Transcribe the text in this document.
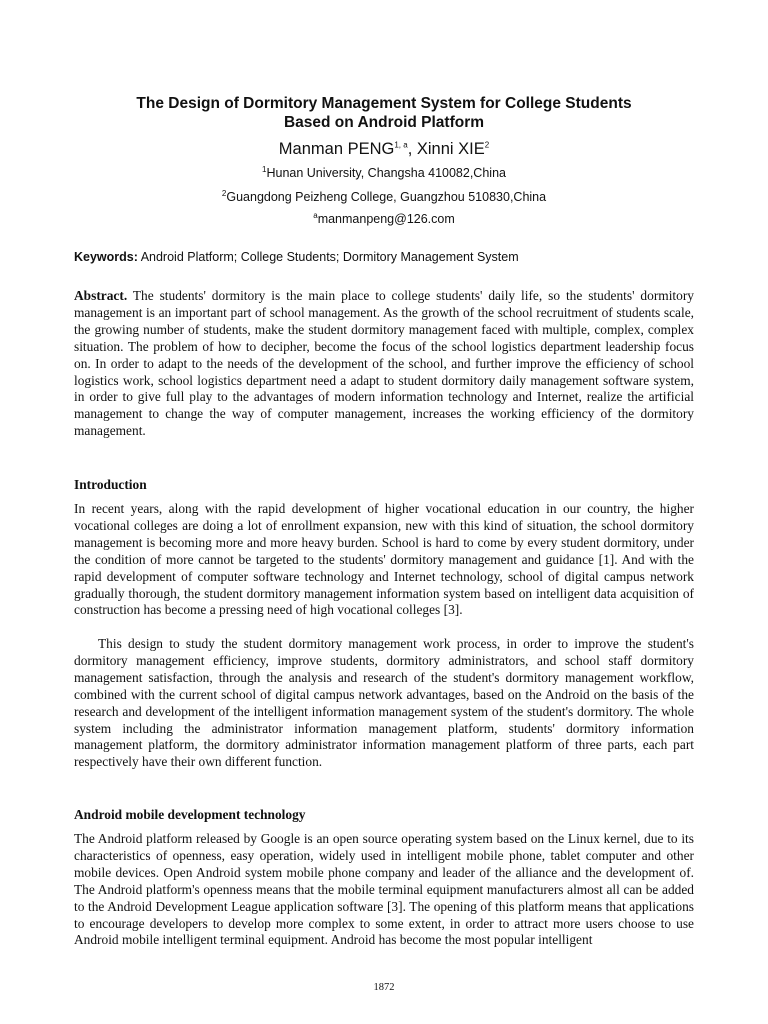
The Design of Dormitory Management System for College Students
Based on Android Platform
Manman PENG$^{1, a}$, Xinni XIE$^2$
$^1$Hunan University, Changsha 410082,China
$^2$Guangdong Peizheng College, Guangzhou 510830,China
$^a$manmanpeng@126.com
Keywords: Android Platform; College Students; Dormitory Management System

Abstract. The students' dormitory is the main place to college students' daily life, so the students' dormitory management is an important part of school management. As the growth of the school recruitment of students scale, the growing number of students, make the student dormitory management faced with multiple, complex, complex situation. The problem of how to decipher, become the focus of the school logistics department leadership focus on. In order to adapt to the needs of the development of the school, and further improve the efficiency of school logistics work, school logistics department need a adapt to student dormitory daily management software system, in order to give full play to the advantages of modern information technology and Internet, realize the artificial management to change the way of computer management, increases the working efficiency of the dormitory management.

Introduction

In recent years, along with the rapid development of higher vocational education in our country, the higher vocational colleges are doing a lot of enrollment expansion, new with this kind of situation, the school dormitory management is becoming more and more heavy burden. School is hard to come by every student dormitory, under the condition of more cannot be targeted to the students' dormitory management and guidance [1]. And with the rapid development of computer software technology and Internet technology, school of digital campus network gradually thorough, the student dormitory management information system based on intelligent data acquisition of construction has become a pressing need of high vocational colleges [3].

This design to study the student dormitory management work process, in order to improve the student's dormitory management efficiency, improve students, dormitory administrators, and school staff dormitory management satisfaction, through the analysis and research of the student's dormitory management workflow, combined with the current school of digital campus network advantages, based on the Android on the basis of the research and development of the intelligent information management system of the student's dormitory. The whole system including the administrator information management platform, students' dormitory information management platform, the dormitory administrator information management platform of three parts, each part respectively have their own different function.

Android mobile development technology

The Android platform released by Google is an open source operating system based on the Linux kernel, due to its characteristics of openness, easy operation, widely used in intelligent mobile phone, tablet computer and other mobile devices. Open Android system mobile phone company and leader of the alliance and the development of. The Android platform's openness means that the mobile terminal equipment manufacturers almost all can be added to the Android Development League application software [3]. The opening of this platform means that applications to encourage developers to develop more complex to some extent, in order to attract more users choose to use Android mobile intelligent terminal equipment. Android has become the most popular intelligent

1872
